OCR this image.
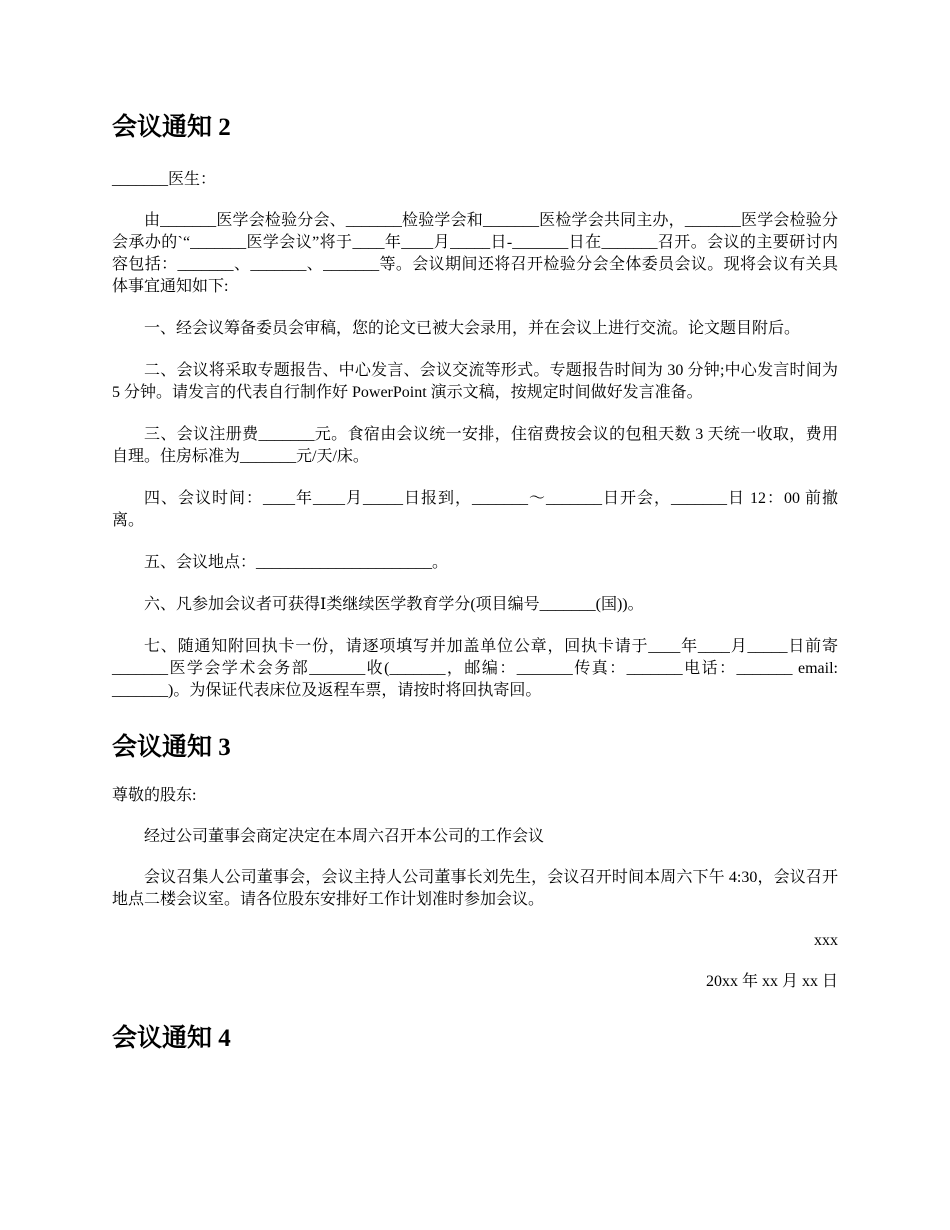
会议通知 2

_______医生：

由_______医学会检验分会、_______检验学会和_______医检学会共同主办，_______医学会检验分会承办的`“_______医学会议”将于____年____月_____日-_______日在_______召开。会议的主要研讨内容包括：_______、_______、_______等。会议期间还将召开检验分会全体委员会议。现将会议有关具体事宜通知如下:

一、经会议筹备委员会审稿，您的论文已被大会录用，并在会议上进行交流。论文题目附后。

二、会议将采取专题报告、中心发言、会议交流等形式。专题报告时间为 30 分钟;中心发言时间为 5 分钟。请发言的代表自行制作好 PowerPoint 演示文稿，按规定时间做好发言准备。

三、会议注册费_______元。食宿由会议统一安排，住宿费按会议的包租天数 3 天统一收取，费用自理。住房标准为_______元/天/床。

四、会议时间：____年____月_____日报到，_______～_______日开会，_______日 12：00 前撤离。

五、会议地点：______________________。

六、凡参加会议者可获得Ⅰ类继续医学教育学分(项目编号_______(国))。

七、随通知附回执卡一份，请逐项填写并加盖单位公章，回执卡请于____年____月_____日前寄_______医学会学术会务部_______收(_______，邮编：_______传真：_______电话：_______ email: _______)。为保证代表床位及返程车票，请按时将回执寄回。

会议通知 3

尊敬的股东:

经过公司董事会商定决定在本周六召开本公司的工作会议

会议召集人公司董事会，会议主持人公司董事长刘先生，会议召开时间本周六下午 4:30，会议召开地点二楼会议室。请各位股东安排好工作计划准时参加会议。

xxx

20xx 年 xx 月 xx 日

会议通知 4
